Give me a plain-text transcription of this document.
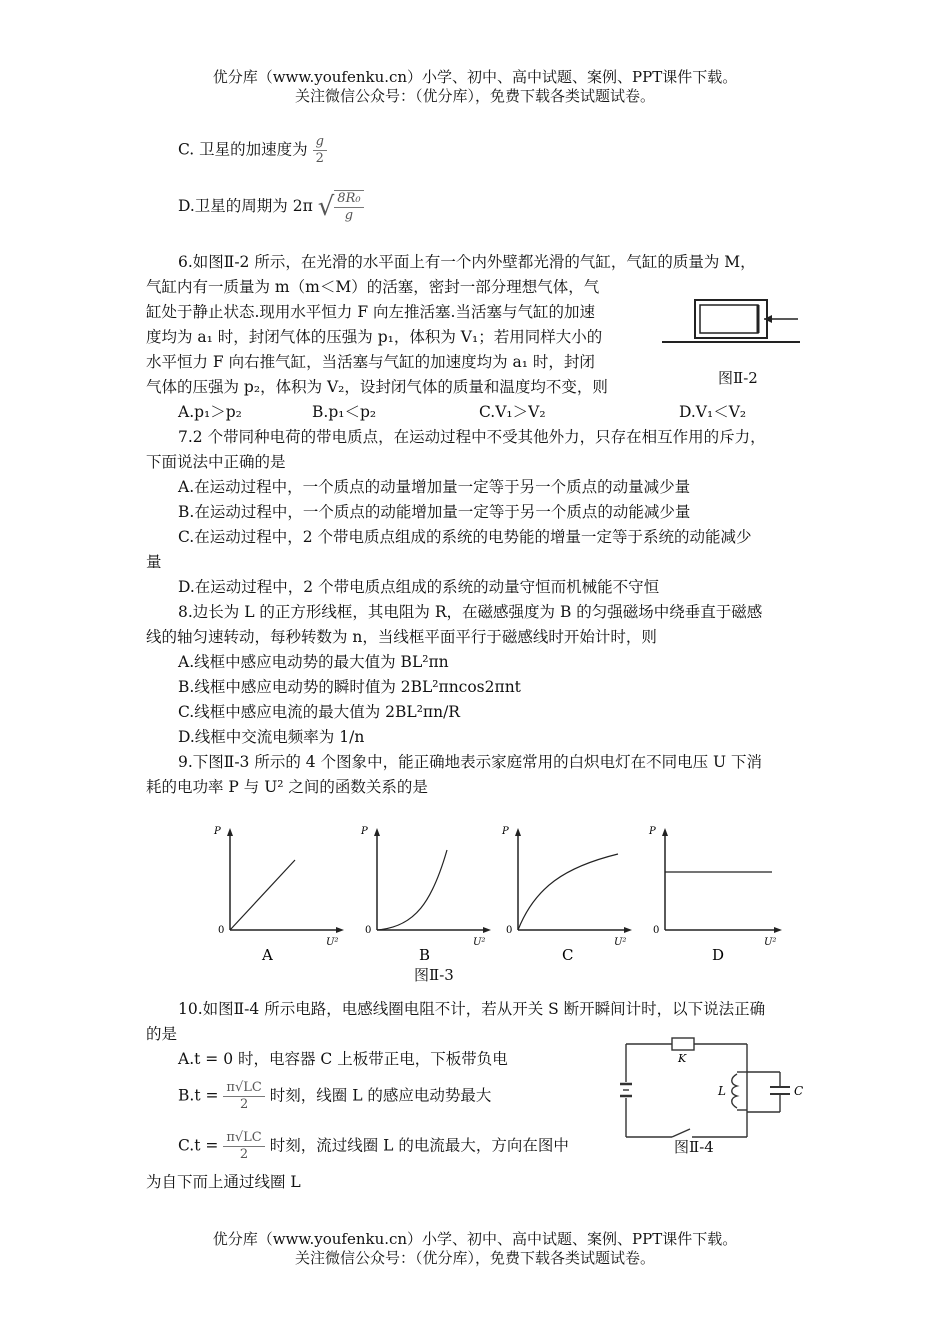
优分库（www.youfenku.cn）小学、初中、高中试题、案例、PPT课件下载。
关注微信公众号：（优分库），免费下载各类试题试卷。
C. 卫星的加速度为 $\frac{g}{2}$
D.卫星的周期为 2π √ $\frac{\text{8R₀}}{g}$
6.如图Ⅱ-2 所示，在光滑的水平面上有一个内外壁都光滑的气缸，气缸的质量为 M，
气缸内有一质量为 m（m＜M）的活塞，密封一部分理想气体，气
缸处于静止状态.现用水平恒力 F 向左推活塞.当活塞与气缸的加速
度均为 a₁ 时，封闭气体的压强为 p₁，体积为 V₁；若用同样大小的
水平恒力 F 向右推气缸，当活塞与气缸的加速度均为 a₁ 时，封闭
气体的压强为 p₂，体积为 V₂，设封闭气体的质量和温度均不变，则	图Ⅱ-2
A.p₁＞p₂	B.p₁＜p₂	C.V₁＞V₂	D.V₁＜V₂
7.2 个带同种电荷的带电质点，在运动过程中不受其他外力，只存在相互作用的斥力，
下面说法中正确的是
A.在运动过程中，一个质点的动量增加量一定等于另一个质点的动量减少量
B.在运动过程中，一个质点的动能增加量一定等于另一个质点的动能减少量
C.在运动过程中，2 个带电质点组成的系统的电势能的增量一定等于系统的动能减少
量
D.在运动过程中，2 个带电质点组成的系统的动量守恒而机械能不守恒
8.边长为 L 的正方形线框，其电阻为 R，在磁感强度为 B 的匀强磁场中绕垂直于磁感
线的轴匀速转动，每秒转数为 n，当线框平面平行于磁感线时开始计时，则
A.线框中感应电动势的最大值为 BL²πn
B.线框中感应电动势的瞬时值为 2BL²πncos2πnt
C.线框中感应电流的最大值为 2BL²πn/R
D.线框中交流电频率为 1/n
9.下图Ⅱ-3 所示的 4 个图象中，能正确地表示家庭常用的白炽电灯在不同电压 U 下消
耗的电功率 P 与 U² 之间的函数关系的是
P
0
U²
A
P
0
U²
B
P
0
U²
C
P
0
U²
D
图Ⅱ-3
10.如图Ⅱ-4 所示电路，电感线圈电阻不计，若从开关 S 断开瞬间计时，以下说法正确
的是
A.t = 0 时，电容器 C 上板带正电，下板带负电
$B.t = \frac{\pi√LC}{2}$ 时刻，线圈 L 的感应电动势最大
$C.t = \frac{\pi√LC}{2}$ 时刻，流过线圈 L 的电流最大，方向在图中
为自下而上通过线圈 L
K
L	C
图Ⅱ-4
优分库（www.youfenku.cn）小学、初中、高中试题、案例、PPT课件下载。
关注微信公众号：（优分库），免费下载各类试题试卷。
